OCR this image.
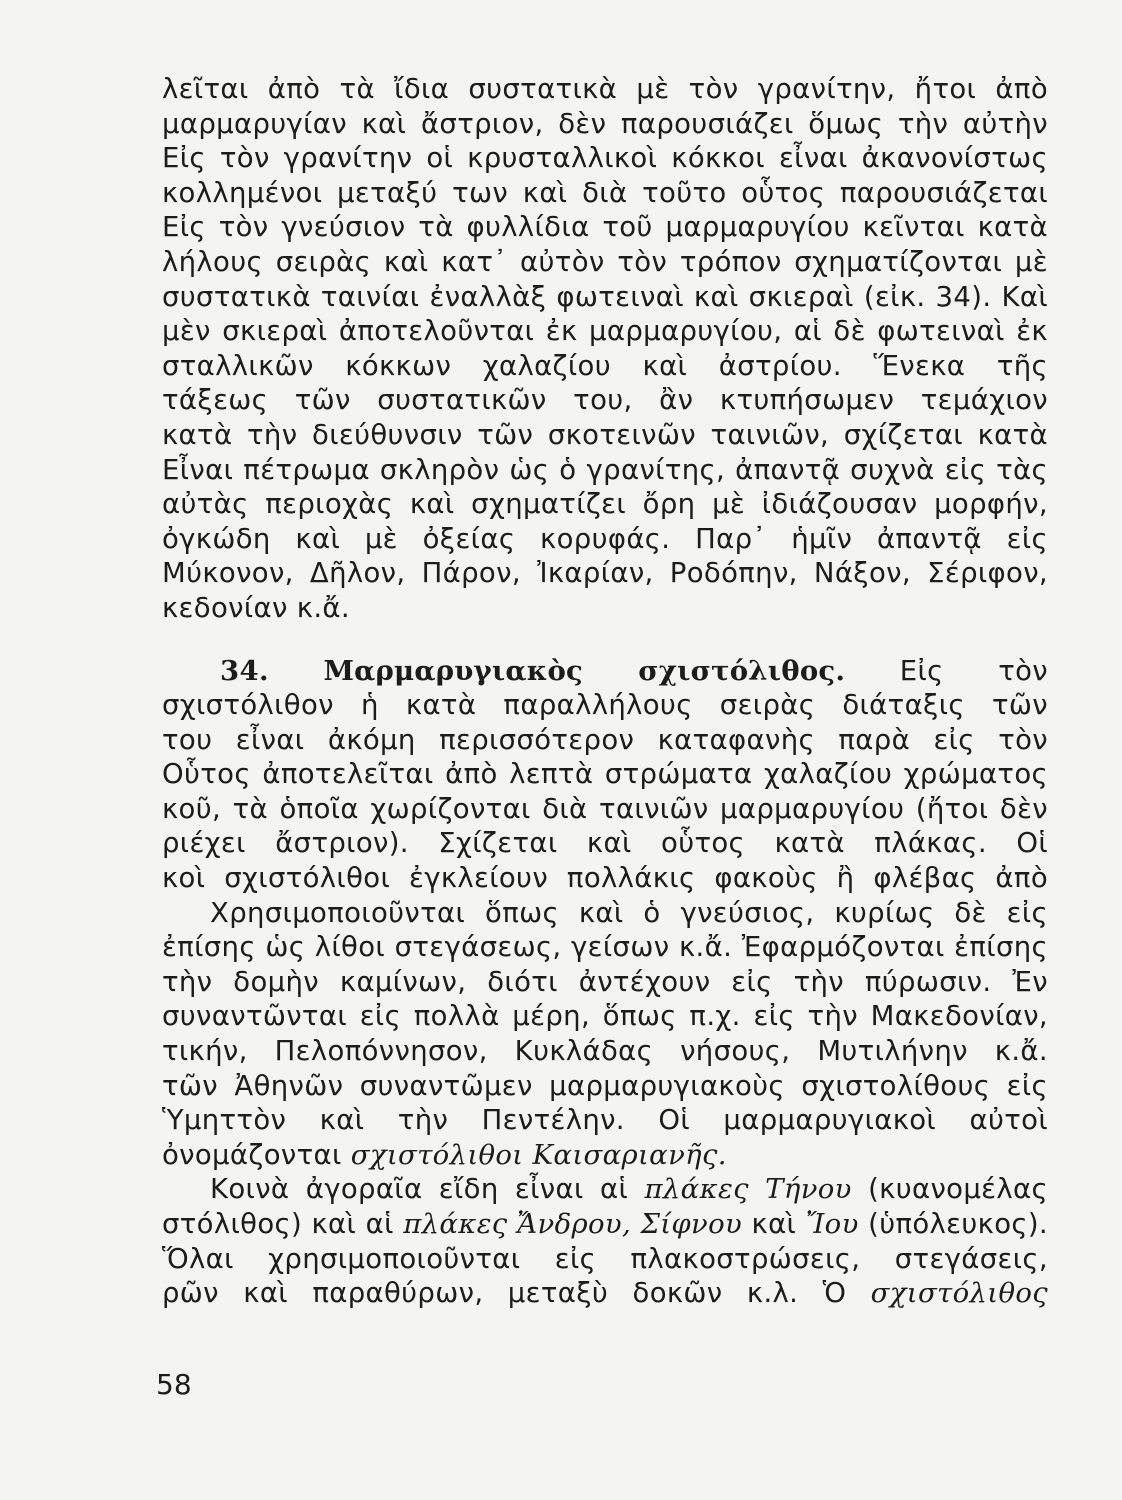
λεῖται ἀπὸ τὰ ἴδια συστατικὰ μὲ τὸν γρανίτην, ἤτοι ἀπὸ
μαρμαρυγίαν καὶ ἄστριον, δὲν παρουσιάζει ὅμως τὴν αὐτὴν
Εἰς τὸν γρανίτην οἱ κρυσταλλικοὶ κόκκοι εἶναι ἀκανονίστως
κολλημένοι μεταξύ των καὶ διὰ τοῦτο οὗτος παρουσιάζεται
Εἰς τὸν γνεύσιον τὰ φυλλίδια τοῦ μαρμαρυγίου κεῖνται κατὰ
λήλους σειρὰς καὶ κατ᾽ αὐτὸν τὸν τρόπον σχηματίζονται μὲ
συστατικὰ ταινίαι ἐναλλὰξ φωτειναὶ καὶ σκιεραὶ (εἰκ. 34). Καὶ
μὲν σκιεραὶ ἀποτελοῦνται ἐκ μαρμαρυγίου, αἱ δὲ φωτειναὶ ἐκ
σταλλικῶν κόκκων χαλαζίου καὶ ἀστρίου. Ἕνεκα τῆς
τάξεως τῶν συστατικῶν του, ἂν κτυπήσωμεν τεμάχιον
κατὰ τὴν διεύθυνσιν τῶν σκοτεινῶν ταινιῶν, σχίζεται κατὰ
Εἶναι πέτρωμα σκληρὸν ὡς ὁ γρανίτης, ἀπαντᾷ συχνὰ εἰς τὰς
αὐτὰς περιοχὰς καὶ σχηματίζει ὄρη μὲ ἰδιάζουσαν μορφήν,
ὀγκώδη καὶ μὲ ὀξείας κορυφάς. Παρ᾽ ἡμῖν ἀπαντᾷ εἰς
Μύκονον, Δῆλον, Πάρον, Ἰκαρίαν, Ροδόπην, Νάξον, Σέριφον,
κεδονίαν κ.ἄ.
34. Μαρμαρυγιακὸς σχιστόλιθος. Εἰς τὸν
σχιστόλιθον ἡ κατὰ παραλλήλους σειρὰς διάταξις τῶν
του εἶναι ἀκόμη περισσότερον καταφανὴς παρὰ εἰς τὸν
Οὗτος ἀποτελεῖται ἀπὸ λεπτὰ στρώματα χαλαζίου χρώματος
κοῦ, τὰ ὁποῖα χωρίζονται διὰ ταινιῶν μαρμαρυγίου (ἤτοι δὲν
ριέχει ἄστριον). Σχίζεται καὶ οὗτος κατὰ πλάκας. Οἱ
κοὶ σχιστόλιθοι ἐγκλείουν πολλάκις φακοὺς ἢ φλέβας ἀπὸ
Χρησιμοποιοῦνται ὅπως καὶ ὁ γνεύσιος, κυρίως δὲ εἰς
ἐπίσης ὡς λίθοι στεγάσεως, γείσων κ.ἄ. Ἐφαρμόζονται ἐπίσης
τὴν δομὴν καμίνων, διότι ἀντέχουν εἰς τὴν πύρωσιν. Ἐν
συναντῶνται εἰς πολλὰ μέρη, ὅπως π.χ. εἰς τὴν Μακεδονίαν,
τικήν, Πελοπόννησον, Κυκλάδας νήσους, Μυτιλήνην κ.ἄ.
τῶν Ἀθηνῶν συναντῶμεν μαρμαρυγιακοὺς σχιστολίθους εἰς
Ὑμηττὸν καὶ τὴν Πεντέλην. Οἱ μαρμαρυγιακοὶ αὐτοὶ
ὀνομάζονται σχιστόλιθοι Καισαριανῆς.
Κοινὰ ἀγοραῖα εἴδη εἶναι αἱ πλάκες Τήνου (κυανομέλας
στόλιθος) καὶ αἱ πλάκες Ἄνδρου, Σίφνου καὶ Ἴου (ὑπόλευκος).
Ὅλαι χρησιμοποιοῦνται εἰς πλακοστρώσεις, στεγάσεις,
ρῶν καὶ παραθύρων, μεταξὺ δοκῶν κ.λ. Ὁ σχιστόλιθος
58
